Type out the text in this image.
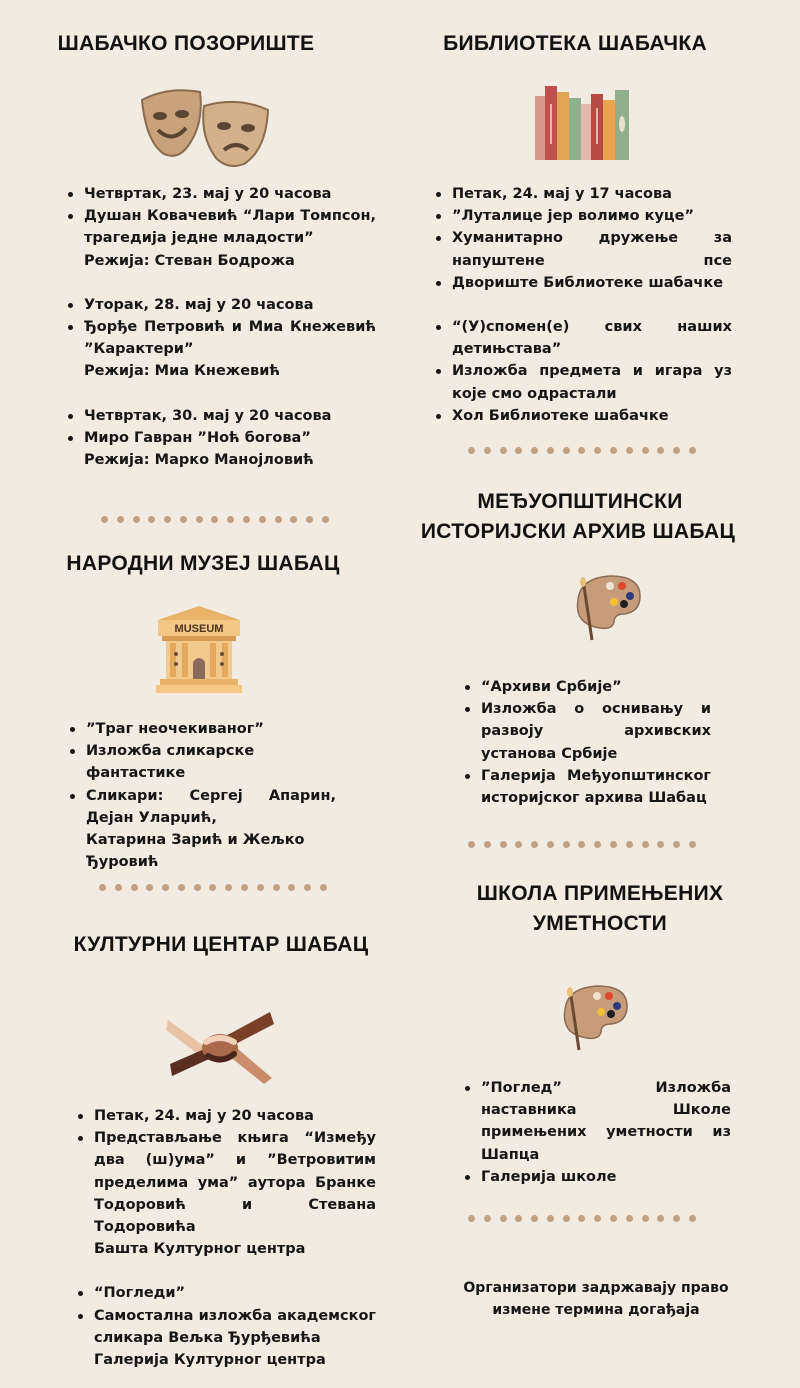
ШАБАЧКО ПОЗОРИШТЕ
Четвртак, 23. мај у 20 часова
Душан Ковачевић “Лари Томпсон, трагедија једне младости”
Режија: Стеван Бодрожа
Уторак, 28. мај у 20 часова
Ђорђе Петровић и Миа Кнежевић ”Карактери”
Режија: Миа Кнежевић
Четвртак, 30. мај у 20 часова
Миро Гавран ”Ноћ богова”
Режија: Марко Манојловић
БИБЛИОТЕКА ШАБАЧКА
Петак, 24. мај у 17 часова
”Луталице јер волимо куце”
Хуманитарно дружење за напуштене псе
Двориште Библиотеке шабачке
“(У)спомен(е) свих наших детињстава”
Изложба предмета и игара уз које смо одрастали
Хол Библиотеке шабачке
НАРОДНИ МУЗЕЈ ШАБАЦ
MUSEUM
”Траг неочекиваног”
Изложба сликарске фантастике
Сликари: Сергеј Апарин, Дејан Уларџић,
Катарина Зарић и Жељко Ђуровић
МЕЂУОПШТИНСКИ
ИСТОРИЈСКИ АРХИВ ШАБАЦ
“Архиви Србије”
Изложба о оснивању и развоју архивских установа Србије
Галерија Међуопштинског историјског архива Шабац
КУЛТУРНИ ЦЕНТАР ШАБАЦ
Петак, 24. мај у 20 часова
Представљање књига “Између два (ш)ума” и ”Ветровитим пределима ума” аутора Бранке Тодоровић и Стевана Тодоровића
Башта Културног центра
“Погледи”
Самостална изложба академског сликара Вељка Ђурђевића
Галерија Културног центра
ШКОЛА ПРИМЕЊЕНИХ
УМЕТНОСТИ
”Поглед” Изложба наставника Школе примењених уметности из Шапца
Галерија школе
Организатори задржавају право
измене термина догађаја
